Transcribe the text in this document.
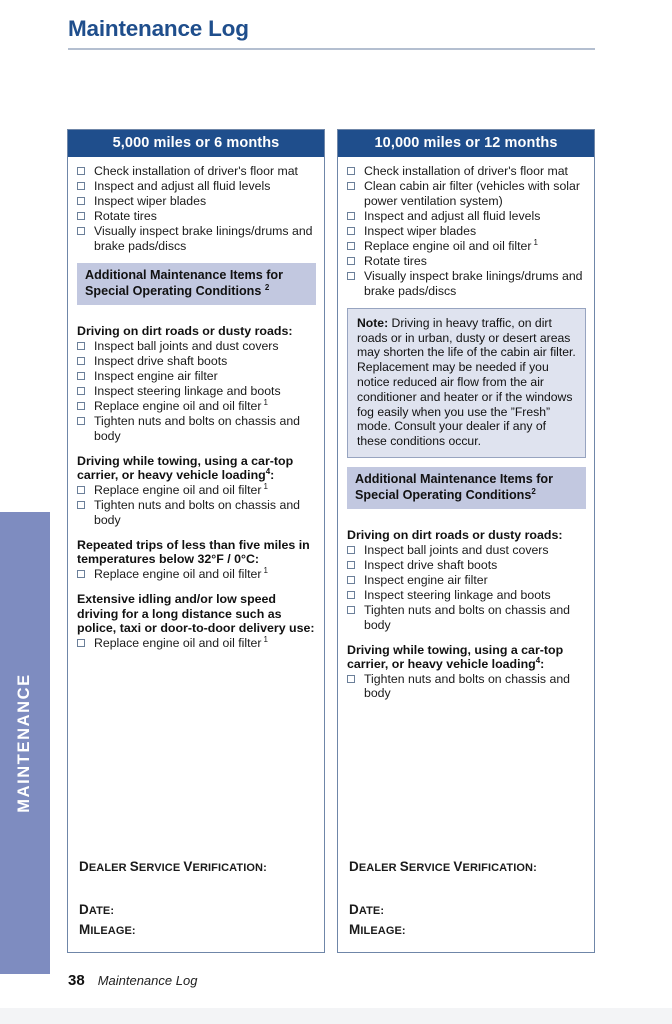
MAINTENANCE
Maintenance Log
5,000 miles or 6 months
Check installation of driver's floor mat
Inspect and adjust all fluid levels
Inspect wiper blades
Rotate tires
Visually inspect brake linings/drums and brake pads/discs
Additional Maintenance Items for
Special Operating Conditions $^2$
Driving on dirt roads or dusty roads:
Inspect ball joints and dust covers
Inspect drive shaft boots
Inspect engine air filter
Inspect steering linkage and boots
Replace engine oil and oil filter $^1$
Tighten nuts and bolts on chassis and body
Driving while towing, using a car-top carrier, or heavy vehicle loading$^4$:
Replace engine oil and oil filter $^1$
Tighten nuts and bolts on chassis and body
Repeated trips of less than five miles in temperatures below 32°F / 0°C:
Replace engine oil and oil filter $^1$
Extensive idling and/or low speed driving for a long distance such as police, taxi or door-to-door delivery use:
Replace engine oil and oil filter $^1$
DEALER SERVICE VERIFICATION:
DATE:
MILEAGE:
10,000 miles or 12 months
Check installation of driver's floor mat
Clean cabin air filter (vehicles with solar power ventilation system)
Inspect and adjust all fluid levels
Inspect wiper blades
Replace engine oil and oil filter $^1$
Rotate tires
Visually inspect brake linings/drums and brake pads/discs
Note: Driving in heavy traffic, on dirt roads or in urban, dusty or desert areas may shorten the life of the cabin air filter. Replacement may be needed if you notice reduced air flow from the air conditioner and heater or if the windows fog easily when you use the ”Fresh” mode. Consult your dealer if any of these conditions occur.
Additional Maintenance Items for
Special Operating Conditions$^2$
Driving on dirt roads or dusty roads:
Inspect ball joints and dust covers
Inspect drive shaft boots
Inspect engine air filter
Inspect steering linkage and boots
Tighten nuts and bolts on chassis and body
Driving while towing, using a car-top carrier, or heavy vehicle loading$^4$:
Tighten nuts and bolts on chassis and body
DEALER SERVICE VERIFICATION:
DATE:
MILEAGE:
38 Maintenance Log
